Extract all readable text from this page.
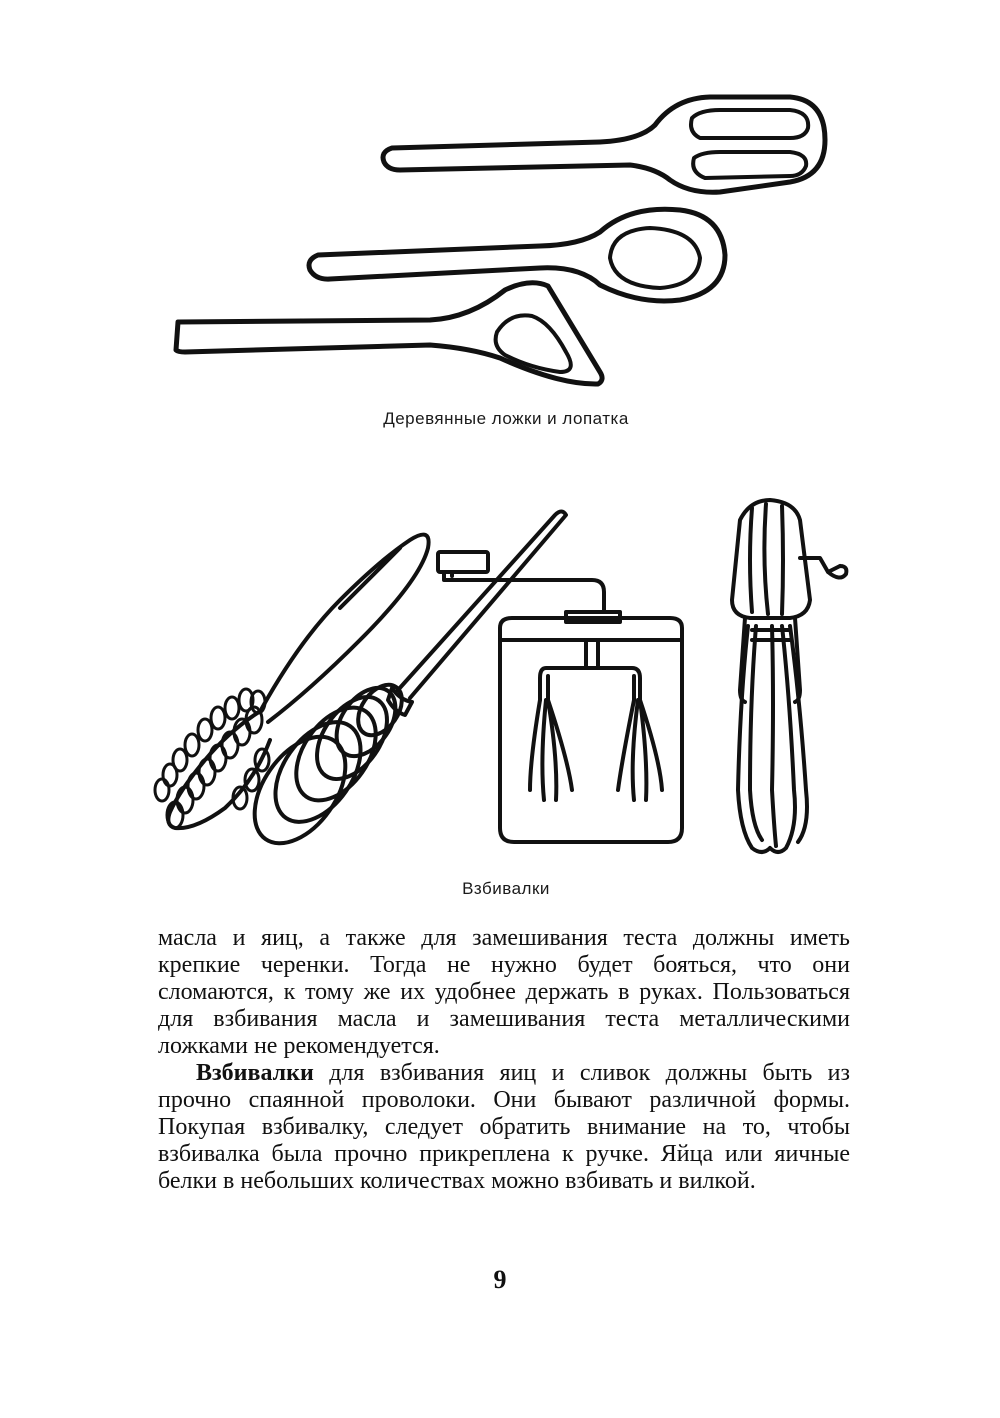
Деревянные ложки и лопатка
Взбивалки

масла и яиц, а также для замешивания теста должны иметь крепкие черенки. Тогда не нужно будет бояться, что они сломаются, к тому же их удобнее держать в руках. Пользоваться для взбивания масла и замешивания теста металлическими ложками не рекомендуется.

Взбивалки для взбивания яиц и сливок должны быть из прочно спаянной проволоки. Они бывают различной формы. Покупая взбивалку, следует обратить внимание на то, чтобы взбивалка была прочно прикреплена к ручке. Яйца или яичные белки в небольших количествах можно взбивать и вилкой.

9
